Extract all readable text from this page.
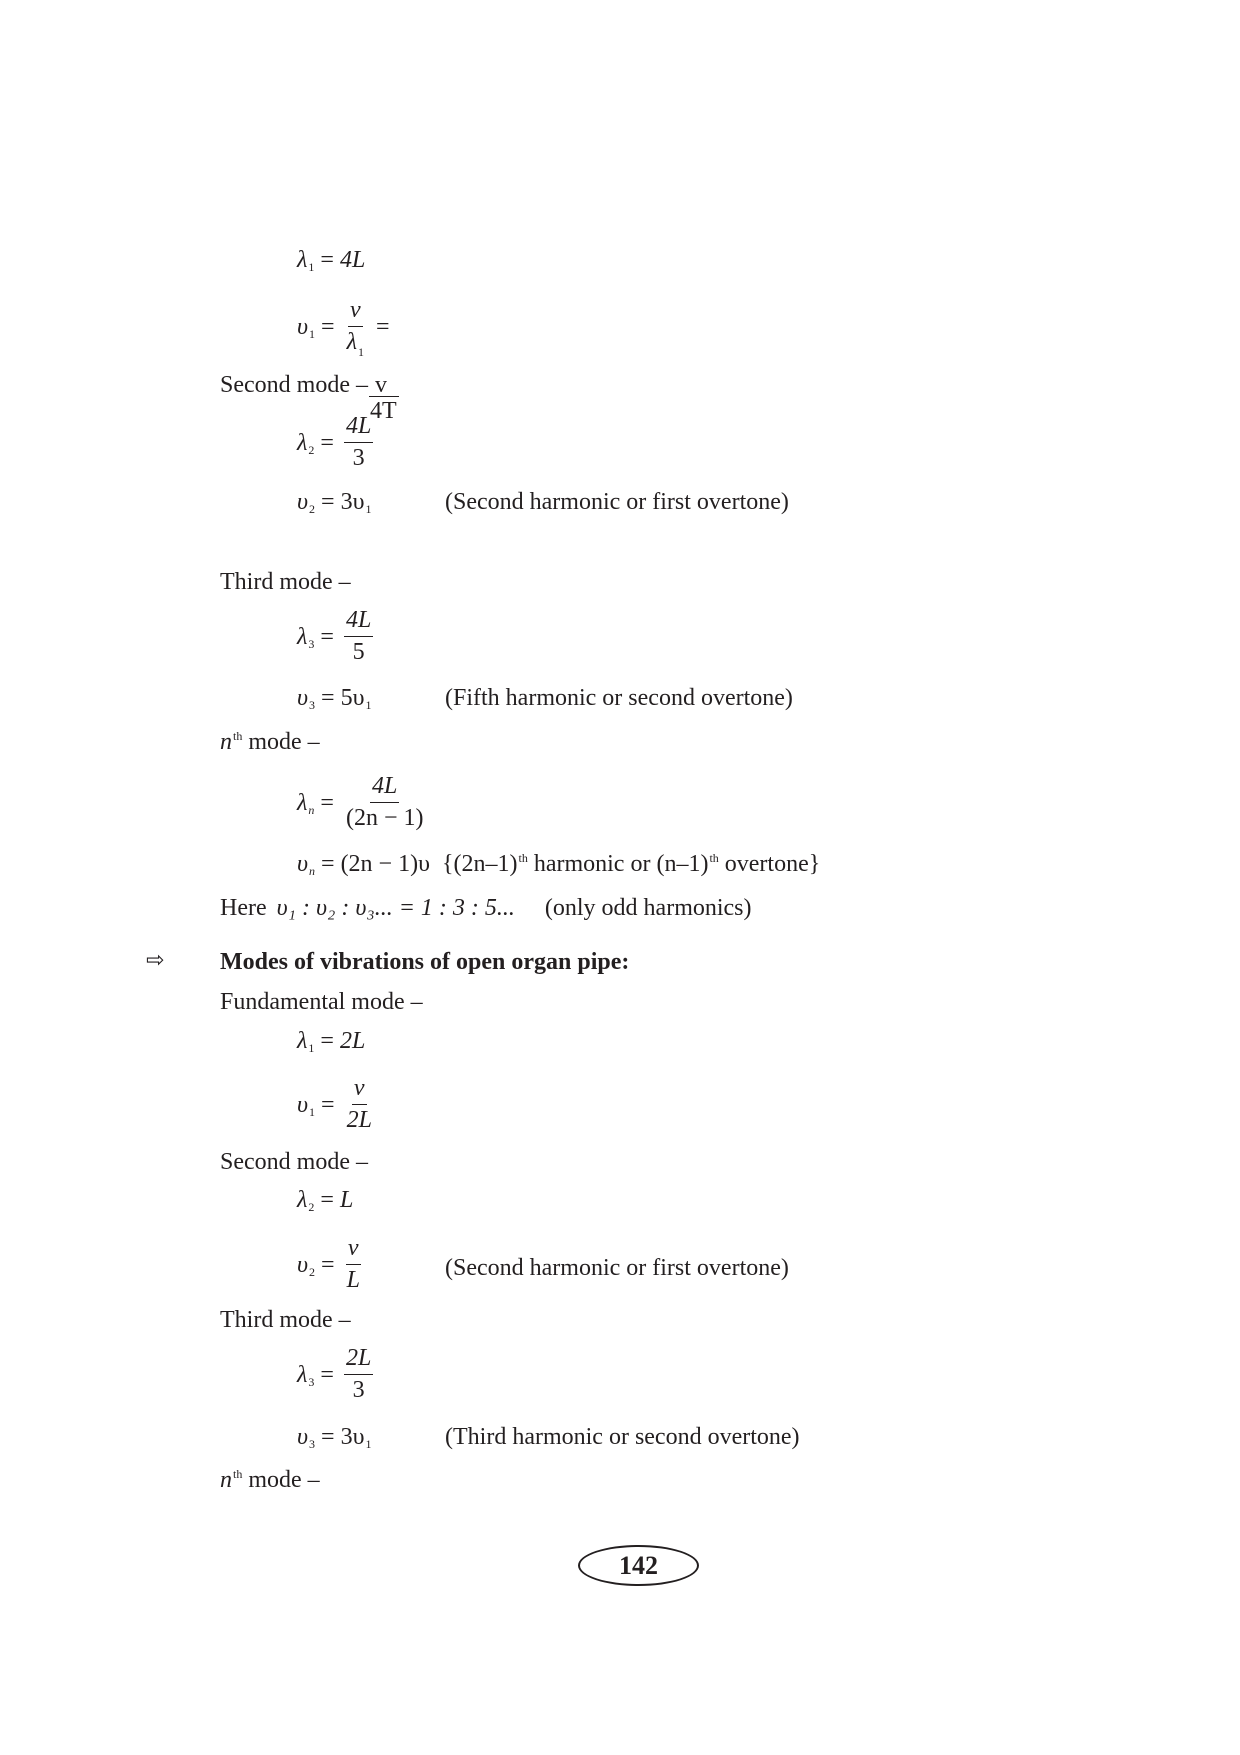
λ 1 = 4L
υ $1 = \frac{v}{\lambda_1}$ =
Second mode – v
4T
λ $2 = \frac{4L}{3}$
υ 2 = 3υ 1	(Second harmonic or first overtone)
Third mode –
λ $3 = \frac{4L}{5}$
υ 3 = 5υ 1	(Fifth harmonic or second overtone)
$n^{th}$ mode –
λ $n = \frac{4L}{(2n - 1)}$
υ n = (2n − 1)υ {$(2n-1)^{th}$ harmonic or $(n-1)^{th}$ overtone}
Here υ₁ : υ₂ : υ₃... = 1 : 3 : 5... (only odd harmonics)
⇨ Modes of vibrations of open organ pipe:
Fundamental mode –
λ 1 = 2L
υ $1 = \frac{v}{2L}$
Second mode –
λ 2 = L
υ $2 = \frac{v}{L}$	(Second harmonic or first overtone)
Third mode –
λ $3 = \frac{2L}{3}$
υ 3 = 3υ 1	(Third harmonic or second overtone)
$n^{th}$ mode –
142
